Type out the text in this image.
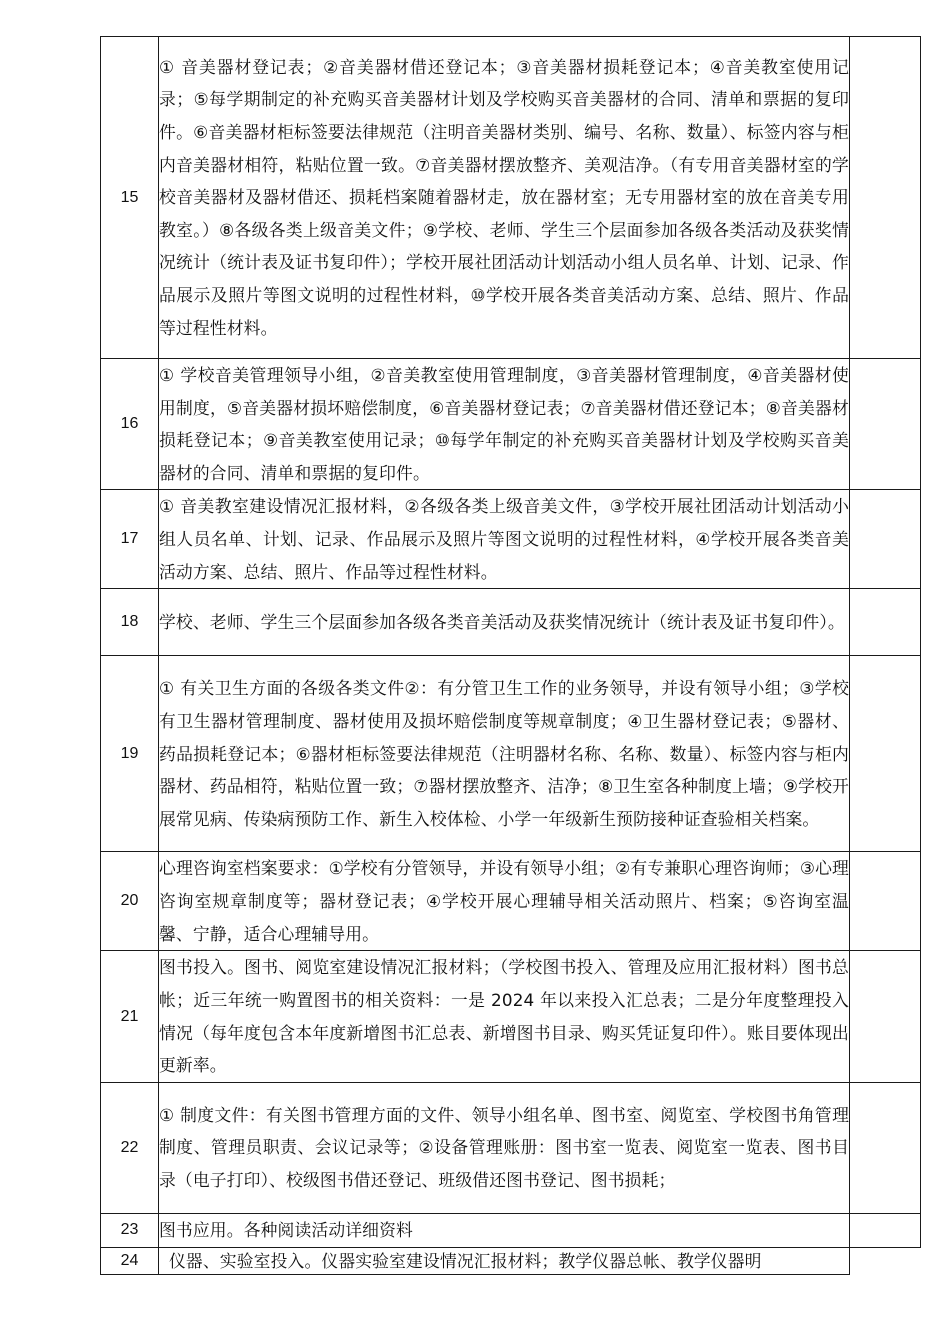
15	① 音美器材登记表；②音美器材借还登记本；③音美器材损耗登记本；④音美教室使用记录；⑤每学期制定的补充购买音美器材计划及学校购买音美器材的合同、清单和票据的复印件。⑥音美器材柜标签要法律规范（注明音美器材类别、编号、名称、数量）、标签内容与柜内音美器材相符，粘贴位置一致。⑦音美器材摆放整齐、美观洁净。（有专用音美器材室的学校音美器材及器材借还、损耗档案随着器材走，放在器材室；无专用器材室的放在音美专用教室。）⑧各级各类上级音美文件；⑨学校、老师、学生三个层面参加各级各类活动及获奖情况统计（统计表及证书复印件）；学校开展社团活动计划活动小组人员名单、计划、记录、作品展示及照片等图文说明的过程性材料，⑩学校开展各类音美活动方案、总结、照片、作品等过程性材料。	
16	① 学校音美管理领导小组，②音美教室使用管理制度，③音美器材管理制度，④音美器材使用制度，⑤音美器材损坏赔偿制度，⑥音美器材登记表；⑦音美器材借还登记本；⑧音美器材损耗登记本；⑨音美教室使用记录；⑩每学年制定的补充购买音美器材计划及学校购买音美器材的合同、清单和票据的复印件。	
17	① 音美教室建设情况汇报材料，②各级各类上级音美文件，③学校开展社团活动计划活动小组人员名单、计划、记录、作品展示及照片等图文说明的过程性材料，④学校开展各类音美活动方案、总结、照片、作品等过程性材料。	
18	学校、老师、学生三个层面参加各级各类音美活动及获奖情况统计（统计表及证书复印件）。	
19	① 有关卫生方面的各级各类文件②：有分管卫生工作的业务领导，并设有领导小组；③学校有卫生器材管理制度、器材使用及损坏赔偿制度等规章制度；④卫生器材登记表；⑤器材、药品损耗登记本；⑥器材柜标签要法律规范（注明器材名称、名称、数量）、标签内容与柜内器材、药品相符，粘贴位置一致；⑦器材摆放整齐、洁净；⑧卫生室各种制度上墙；⑨学校开展常见病、传染病预防工作、新生入校体检、小学一年级新生预防接种证查验相关档案。	
20	心理咨询室档案要求：①学校有分管领导，并设有领导小组；②有专兼职心理咨询师；③心理咨询室规章制度等；器材登记表；④学校开展心理辅导相关活动照片、档案；⑤咨询室温馨、宁静，适合心理辅导用。	
21	图书投入。图书、阅览室建设情况汇报材料；（学校图书投入、管理及应用汇报材料）图书总帐；近三年统一购置图书的相关资料：一是 2024 年以来投入汇总表；二是分年度整理投入情况（每年度包含本年度新增图书汇总表、新增图书目录、购买凭证复印件）。账目要体现出更新率。	
22	① 制度文件：有关图书管理方面的文件、领导小组名单、图书室、阅览室、学校图书角管理制度、管理员职责、会议记录等；②设备管理账册：图书室一览表、阅览室一览表、图书目录（电子打印）、校级图书借还登记、班级借还图书登记、图书损耗；	
23	图书应用。各种阅读活动详细资料	
24	仪器、实验室投入。仪器实验室建设情况汇报材料；教学仪器总帐、教学仪器明	
